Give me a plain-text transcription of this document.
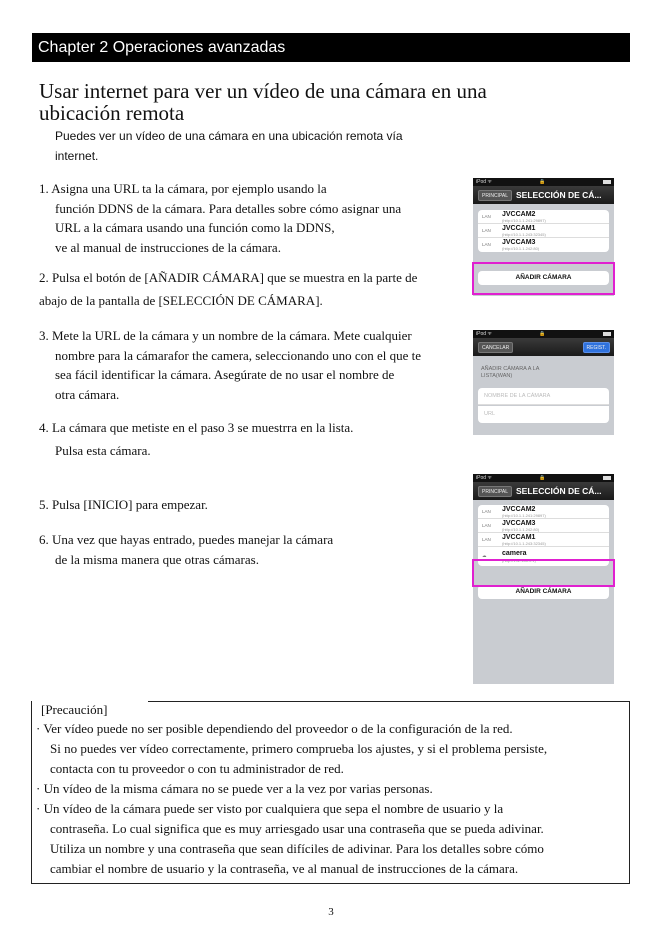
Chapter 2 Operaciones avanzadas
Usar internet para ver un vídeo de una cámara en una
ubicación remota

Puedes ver un vídeo de una cámara en una ubicación remota vía
internet.

1. Asigna una URL ta la cámara, por ejemplo usando la
función DDNS de la cámara. Para detalles sobre cómo asignar una
URL a la cámara usando una función como la DDNS,
ve al manual de instrucciones de la cámara.
2. Pulsa el botón de [AÑADIR CÁMARA] que se muestra en la parte de
abajo de la pantalla de [SELECCIÓN DE CÁMARA].
3. Mete la URL de la cámara y un nombre de la cámara. Mete cualquier
nombre para la cámarafor the camera, seleccionando uno con el que te
sea fácil identificar la cámara. Asegúrate de no usar el nombre de
otra cámara.
4. La cámara que metiste en el paso 3 se muestrra en la lista.
Pulsa esta cámara.
5. Pulsa [INICIO] para empezar.
6. Una vez que hayas entrado, puedes manejar la cámara
de la misma manera que otras cámaras.
iPod ᯤ	🔒
PRINCIPAL SELECCIÓN DE CÁ...
LAN JVCCAM2
(http://10.1.1.241:29897)
LAN JVCCAM1
(http://10.1.1.243:32345)
LAN JVCCAM3
(http://10.1.1.242:80)
AÑADIR CÁMARA
iPod ᯤ	🔒
CANCELAR	REGIST.
AÑADIR CÁMARA A LA
LISTA(WAN)
NOMBRE DE LA CÁMARA
URL
iPod ᯤ	🔒
PRINCIPAL SELECCIÓN DE CÁ...
LAN JVCCAM2
(http://10.1.1.241:29897)
LAN JVCCAM3
(http://10.1.1.242:80)
LAN JVCCAM1
(http://10.1.1.243:32345)
☁ camera
(http://192.168.1.1)
AÑADIR CÁMARA
[Precaución]
· Ver vídeo puede no ser posible dependiendo del proveedor o de la configuración de la red.
Si no puedes ver vídeo correctamente, primero comprueba los ajustes, y si el problema persiste,
contacta con tu proveedor o con tu administrador de red.
· Un vídeo de la misma cámara no se puede ver a la vez por varias personas.
· Un vídeo de la cámara puede ser visto por cualquiera que sepa el nombre de usuario y la
contraseña. Lo cual significa que es muy arriesgado usar una contraseña que se pueda adivinar.
Utiliza un nombre y una contraseña que sean difíciles de adivinar. Para los detalles sobre cómo
cambiar el nombre de usuario y la contraseña, ve al manual de instrucciones de la cámara.
3
